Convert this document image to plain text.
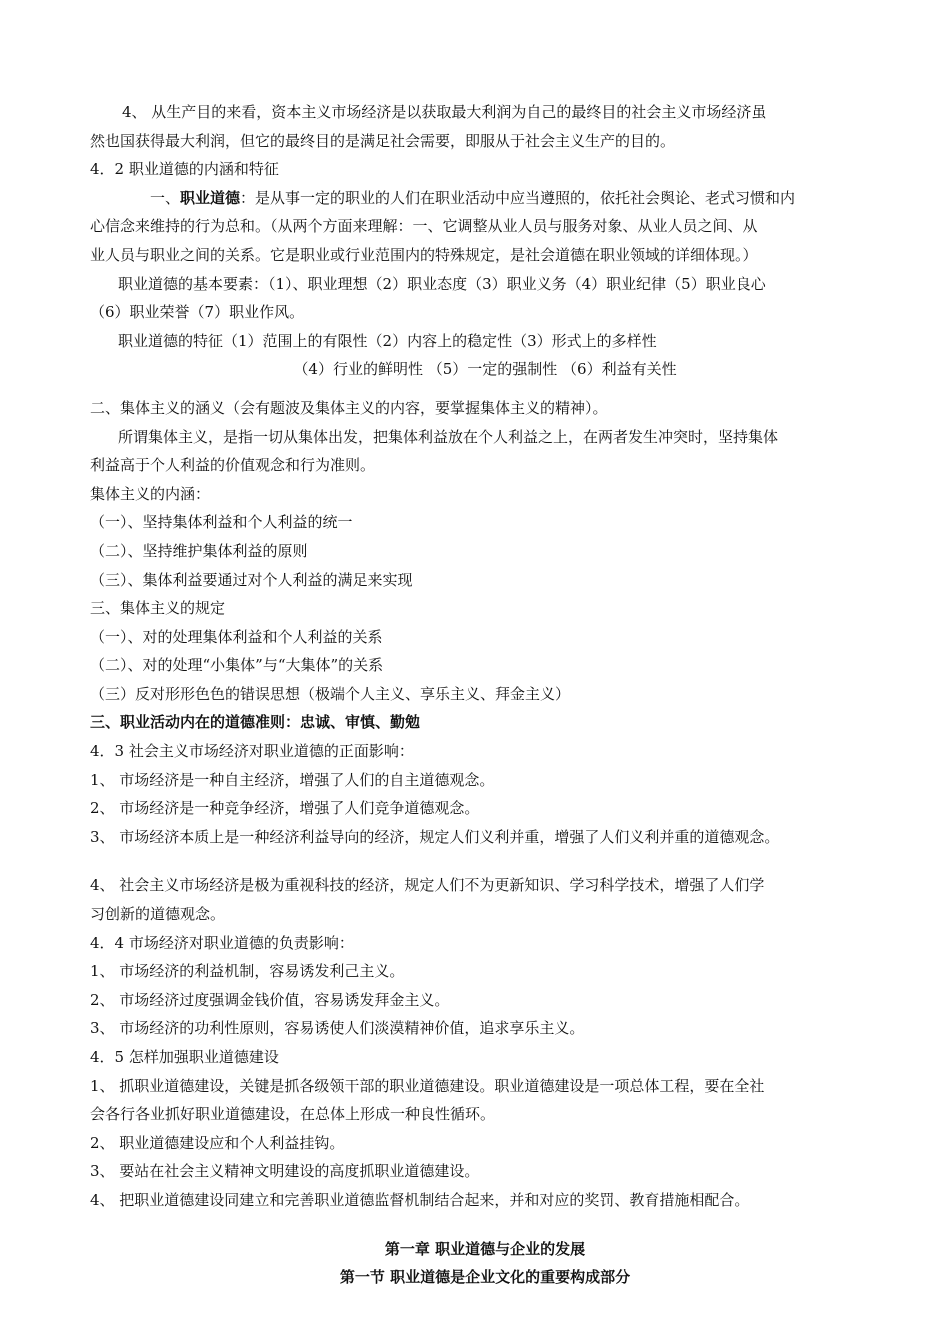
4、 从生产目的来看，资本主义市场经济是以获取最大利润为自己的最终目的社会主义市场经济虽

然也国获得最大利润，但它的最终目的是满足社会需要，即服从于社会主义生产的目的。

4．2 职业道德的内涵和特征

一、职业道德：是从事一定的职业的人们在职业活动中应当遵照的，依托社会舆论、老式习惯和内

心信念来维持的行为总和。（从两个方面来理解：一、它调整从业人员与服务对象、从业人员之间、从

业人员与职业之间的关系。它是职业或行业范围内的特殊规定，是社会道德在职业领域的详细体现。）

职业道德的基本要素：（1）、职业理想（2）职业态度（3）职业义务（4）职业纪律（5）职业良心

（6）职业荣誉（7）职业作风。

职业道德的特征（1）范围上的有限性（2）内容上的稳定性（3）形式上的多样性

（4）行业的鲜明性 （5）一定的强制性 （6）利益有关性

二、集体主义的涵义（会有题波及集体主义的内容，要掌握集体主义的精神）。

所谓集体主义，是指一切从集体出发，把集体利益放在个人利益之上，在两者发生冲突时，坚持集体

利益高于个人利益的价值观念和行为准则。

集体主义的内涵：

（一）、坚持集体利益和个人利益的统一

（二）、坚持维护集体利益的原则

（三）、集体利益要通过对个人利益的满足来实现

三、集体主义的规定

（一）、对的处理集体利益和个人利益的关系

（二）、对的处理“小集体”与“大集体”的关系

（三）反对形形色色的错误思想（极端个人主义、享乐主义、拜金主义）

三、职业活动内在的道德准则：忠诚、审慎、勤勉

4．3 社会主义市场经济对职业道德的正面影响：

1、 市场经济是一种自主经济，增强了人们的自主道德观念。

2、 市场经济是一种竞争经济，增强了人们竞争道德观念。

3、 市场经济本质上是一种经济利益导向的经济，规定人们义利并重，增强了人们义利并重的道德观念。

4、 社会主义市场经济是极为重视科技的经济，规定人们不为更新知识、学习科学技术，增强了人们学

习创新的道德观念。

4．4 市场经济对职业道德的负责影响：

1、 市场经济的利益机制，容易诱发利己主义。

2、 市场经济过度强调金钱价值，容易诱发拜金主义。

3、 市场经济的功利性原则，容易诱使人们淡漠精神价值，追求享乐主义。

4．5 怎样加强职业道德建设

1、 抓职业道德建设，关键是抓各级领干部的职业道德建设。职业道德建设是一项总体工程，要在全社

会各行各业抓好职业道德建设，在总体上形成一种良性循环。

2、 职业道德建设应和个人利益挂钩。

3、 要站在社会主义精神文明建设的高度抓职业道德建设。

4、 把职业道德建设同建立和完善职业道德监督机制结合起来，并和对应的奖罚、教育措施相配合。

第一章 职业道德与企业的发展

第一节 职业道德是企业文化的重要构成部分
